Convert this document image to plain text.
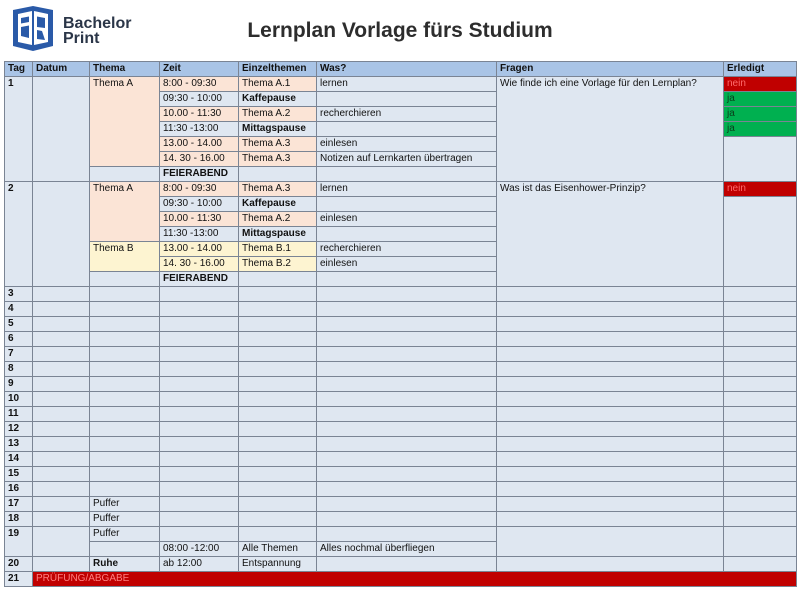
Bachelor
Print	Lernplan Vorlage fürs Studium
Tag	Datum	Thema	Zeit	Einzelthemen	Was?	Fragen	Erledigt
1		Thema A	8:00 - 09:30	Thema A.1	lernen	Wie finde ich eine Vorlage für den Lernplan?	nein
			09:30 - 10:00	Kaffepause			ja
			10.00 - 11:30	Thema A.2	recherchieren		ja
			11:30 -13:00	Mittagspause			ja
			13.00 - 14.00	Thema A.3	einlesen		
			14. 30 - 16.00	Thema A.3	Notizen auf Lernkarten übertragen		
			FEIERABEND				
2		Thema A	8:00 - 09:30	Thema A.3	lernen	Was ist das Eisenhower-Prinzip?	nein
			09:30 - 10:00	Kaffepause			
			10.00 - 11:30	Thema A.2	einlesen		
			11:30 -13:00	Mittagspause			
		Thema B	13.00 - 14.00	Thema B.1	recherchieren		
			14. 30 - 16.00	Thema B.2	einlesen		
			FEIERABEND				
3							
4							
5							
6							
7							
8							
9							
10							
11							
12							
13							
14							
15							
16							
17		Puffer					
18		Puffer					
19		Puffer					
			08:00 -12:00	Alle Themen	Alles nochmal überfliegen		
20		Ruhe	ab 12:00	Entspannung			
21	PRÜFUNG/ABGABE						
